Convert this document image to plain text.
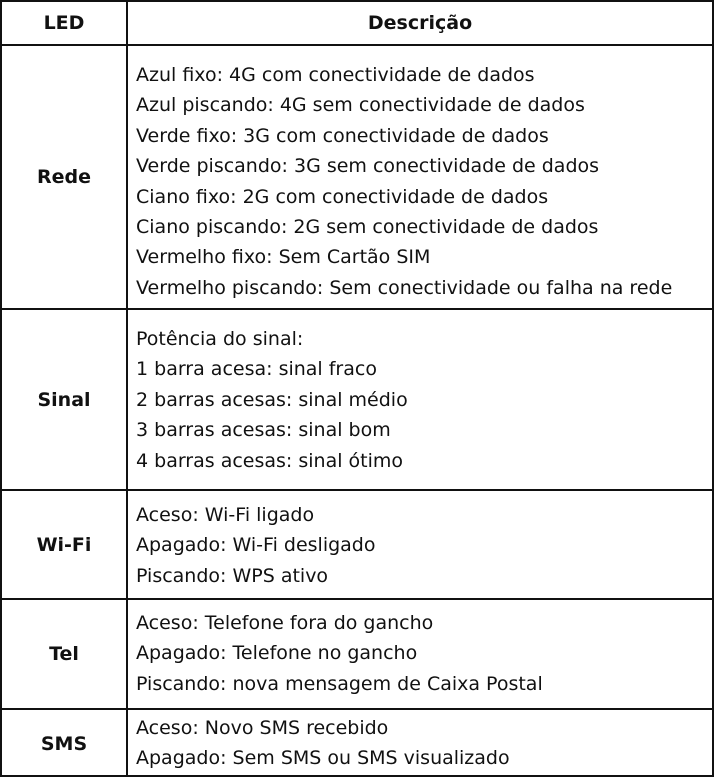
LED	Descrição
Rede
Azul fixo: 4G com conectividade de dados
Azul piscando: 4G sem conectividade de dados
Verde fixo: 3G com conectividade de dados
Verde piscando: 3G sem conectividade de dados
Ciano fixo: 2G com conectividade de dados
Ciano piscando: 2G sem conectividade de dados
Vermelho fixo: Sem Cartão SIM
Vermelho piscando: Sem conectividade ou falha na rede
Sinal
Potência do sinal:
1 barra acesa: sinal fraco
2 barras acesas: sinal médio
3 barras acesas: sinal bom
4 barras acesas: sinal ótimo
Wi-Fi
Aceso: Wi-Fi ligado
Apagado: Wi-Fi desligado
Piscando: WPS ativo
Tel
Aceso: Telefone fora do gancho
Apagado: Telefone no gancho
Piscando: nova mensagem de Caixa Postal
SMS
Aceso: Novo SMS recebido
Apagado: Sem SMS ou SMS visualizado
